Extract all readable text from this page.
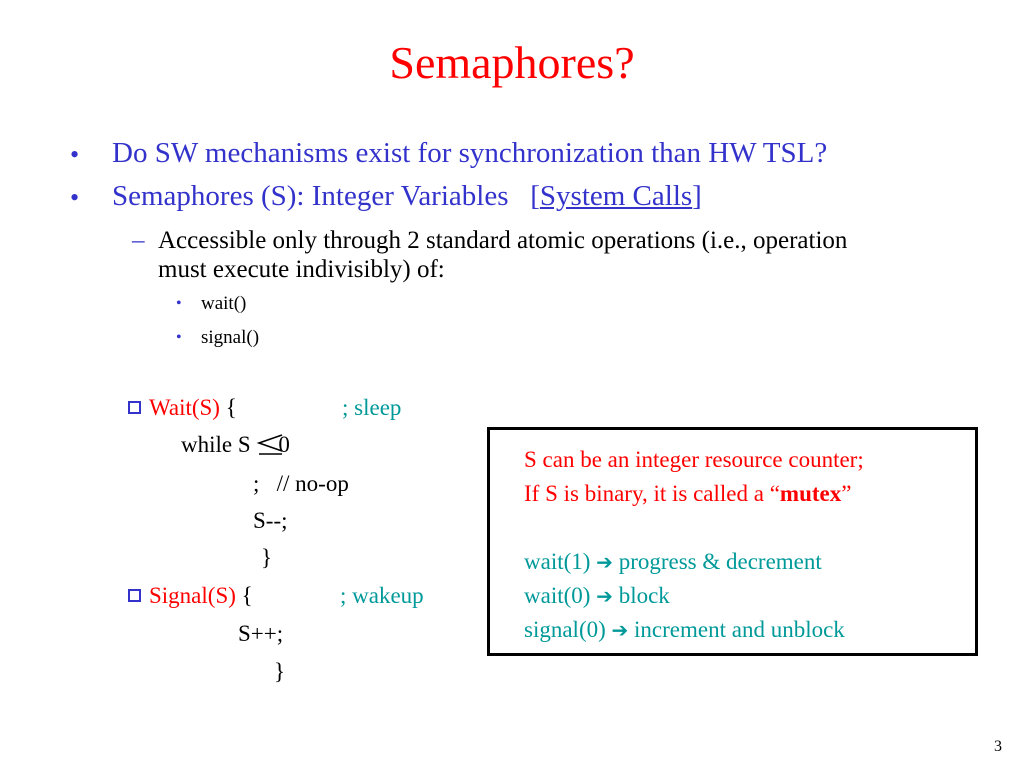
Semaphores?
• Do SW mechanisms exist for synchronization than HW TSL?
• Semaphores (S): Integer Variables   [System Calls]
– Accessible only through 2 standard atomic operations (i.e., operation
must execute indivisibly) of:
• wait()
• signal()
Wait(S) {	; sleep
while S 0
;   // no-op
S--;
}
Signal(S) {	; wakeup
S++;
}
S can be an integer resource counter;
If S is binary, it is called a “mutex”
wait(1) ➔ progress & decrement
wait(0) ➔ block
signal(0) ➔ increment and unblock
3
